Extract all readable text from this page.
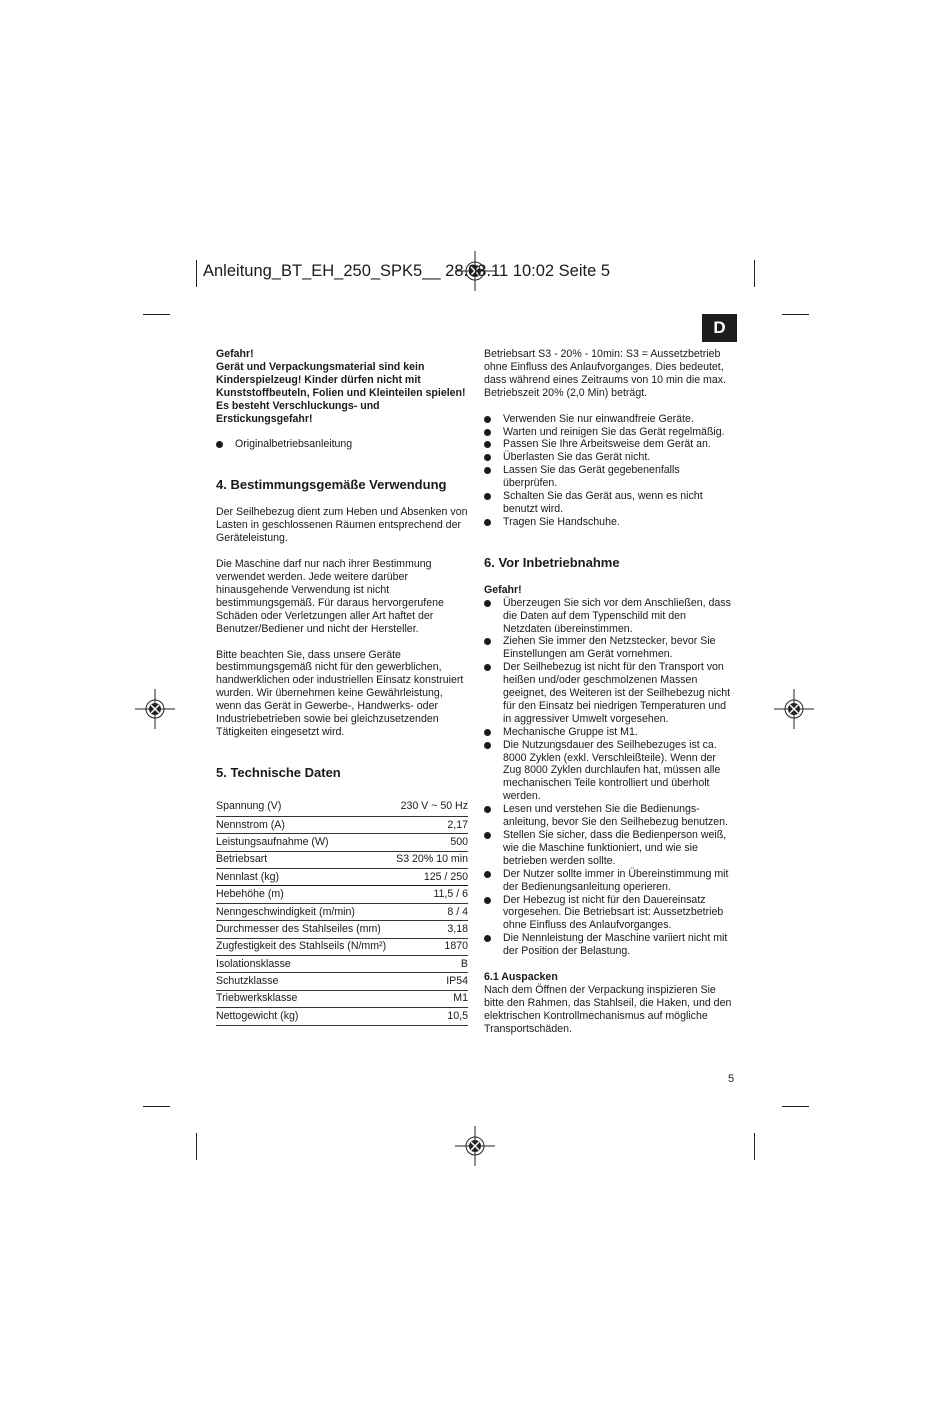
Anleitung_BT_EH_250_SPK5__ 28.03.11 10:02 Seite 5
D

Gefahr!

Gerät und Verpackungsmaterial sind kein Kinderspielzeug! Kinder dürfen nicht mit Kunststoffbeuteln, Folien und Kleinteilen spielen! Es besteht Verschluckungs- und Erstickungsgefahr!

Originalbetriebsanleitung
4. Bestimmungsgemäße Verwendung

Der Seilhebezug dient zum Heben und Absenken von Lasten in geschlossenen Räumen entsprechend der Geräteleistung.

Die Maschine darf nur nach ihrer Bestimmung verwendet werden. Jede weitere darüber hinausgehende Verwendung ist nicht bestimmungsgemäß. Für daraus hervorgerufene Schäden oder Verletzungen aller Art haftet der Benutzer/Bediener und nicht der Hersteller.

Bitte beachten Sie, dass unsere Geräte bestimmungsgemäß nicht für den gewerblichen, handwerklichen oder industriellen Einsatz konstruiert wurden. Wir übernehmen keine Gewährleistung, wenn das Gerät in Gewerbe-, Handwerks- oder Industriebetrieben sowie bei gleichzusetzenden Tätigkeiten eingesetzt wird.

5. Technische Daten
Spannung (V)	230 V ~ 50 Hz
Nennstrom (A)	2,17
Leistungsaufnahme (W)	500
Betriebsart	S3 20% 10 min
Nennlast (kg)	125 / 250
Hebehöhe (m)	11,5 / 6
Nenngeschwindigkeit (m/min)	8 / 4
Durchmesser des Stahlseiles (mm)	3,18
Zugfestigkeit des Stahlseils (N/mm²)	1870
Isolationsklasse	B
Schutzklasse	IP54
Triebwerksklasse	M1
Nettogewicht (kg)	10,5

Betriebsart S3 - 20% - 10min: S3 = Aussetzbetrieb ohne Einfluss des Anlaufvorganges. Dies bedeutet, dass während eines Zeitraums von 10 min die max. Betriebszeit 20% (2,0 Min) beträgt.

Verwenden Sie nur einwandfreie Geräte.
Warten und reinigen Sie das Gerät regelmäßig.
Passen Sie Ihre Arbeitsweise dem Gerät an.
Überlasten Sie das Gerät nicht.
Lassen Sie das Gerät gegebenenfalls überprüfen.
Schalten Sie das Gerät aus, wenn es nicht benutzt wird.
Tragen Sie Handschuhe.
6. Vor Inbetriebnahme

Gefahr!

Überzeugen Sie sich vor dem Anschließen, dass die Daten auf dem Typenschild mit den Netzdaten übereinstimmen.
Ziehen Sie immer den Netzstecker, bevor Sie Einstellungen am Gerät vornehmen.
Der Seilhebezug ist nicht für den Transport von heißen und/oder geschmolzenen Massen geeignet, des Weiteren ist der Seilhebezug nicht für den Einsatz bei niedrigen Temperaturen und in aggressiver Umwelt vorgesehen.
Mechanische Gruppe ist M1.
Die Nutzungsdauer des Seilhebezuges ist ca. 8000 Zyklen (exkl. Verschleißteile). Wenn der Zug 8000 Zyklen durchlaufen hat, müssen alle mechanischen Teile kontrolliert und überholt werden.
Lesen und verstehen Sie die Bedienungs- anleitung, bevor Sie den Seilhebezug benutzen.
Stellen Sie sicher, dass die Bedienperson weiß, wie die Maschine funktioniert, und wie sie betrieben werden sollte.
Der Nutzer sollte immer in Übereinstimmung mit der Bedienungsanleitung operieren.
Der Hebezug ist nicht für den Dauereinsatz vorgesehen. Die Betriebsart ist: Aussetzbetrieb ohne Einfluss des Anlaufvorganges.
Die Nennleistung der Maschine variiert nicht mit der Position der Belastung.

6.1 Auspacken

Nach dem Öffnen der Verpackung inspizieren Sie bitte den Rahmen, das Stahlseil, die Haken, und den elektrischen Kontrollmechanismus auf mögliche Transportschäden.

5
